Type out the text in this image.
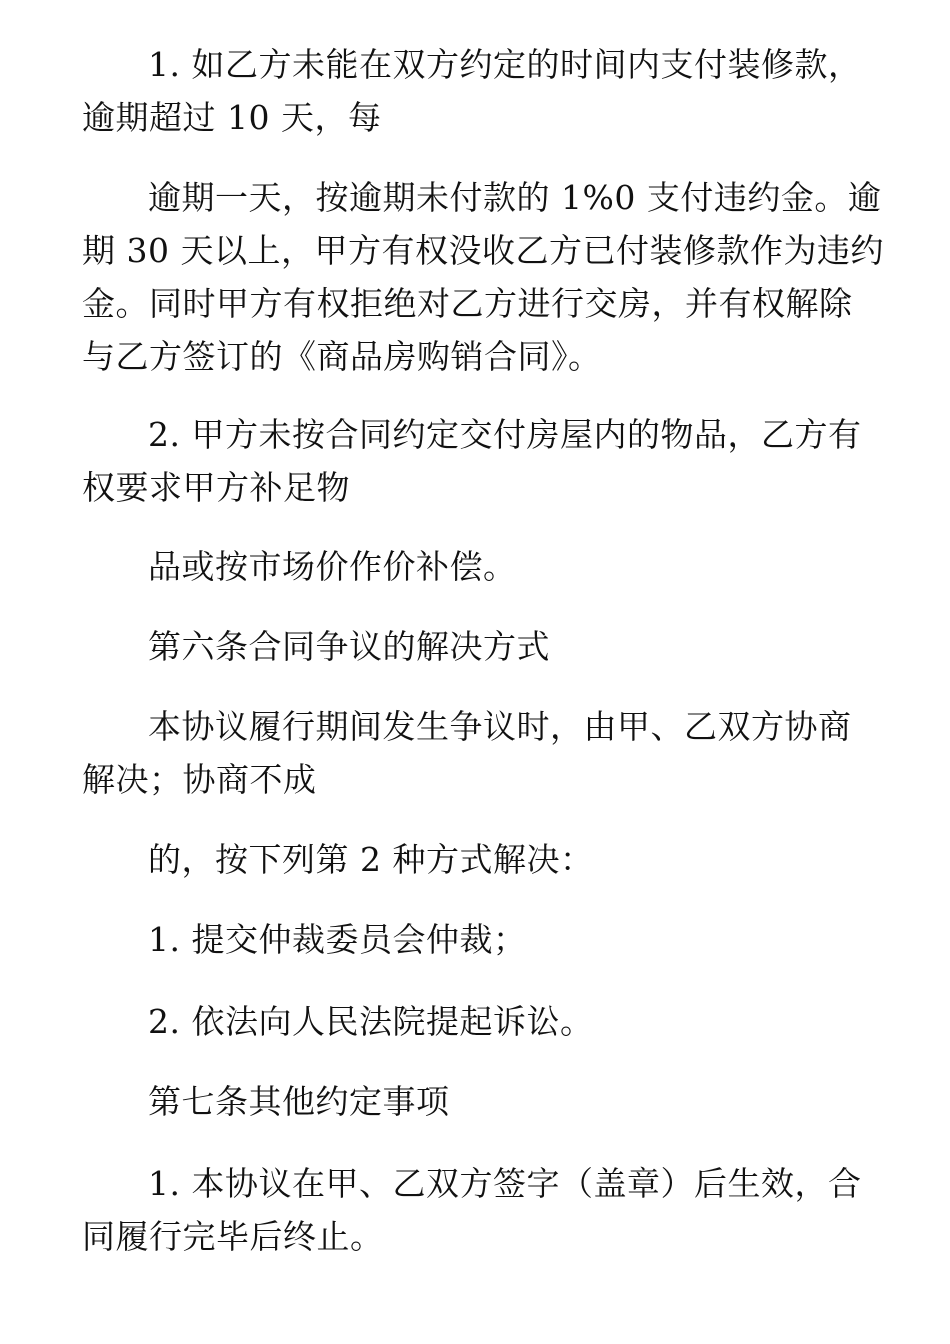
1. 如乙方未能在双方约定的时间内支付装修款，
逾期超过 10 天，每

逾期一天，按逾期未付款的 1%0 支付违约金。逾
期 30 天以上，甲方有权没收乙方已付装修款作为违约
金。同时甲方有权拒绝对乙方进行交房，并有权解除
与乙方签订的《商品房购销合同》。

2. 甲方未按合同约定交付房屋内的物品，乙方有
权要求甲方补足物

品或按市场价作价补偿。

第六条合同争议的解决方式

本协议履行期间发生争议时，由甲、乙双方协商
解决；协商不成

的，按下列第 2 种方式解决：

1. 提交仲裁委员会仲裁；

2. 依法向人民法院提起诉讼。

第七条其他约定事项

1. 本协议在甲、乙双方签字（盖章）后生效，合
同履行完毕后终止。
